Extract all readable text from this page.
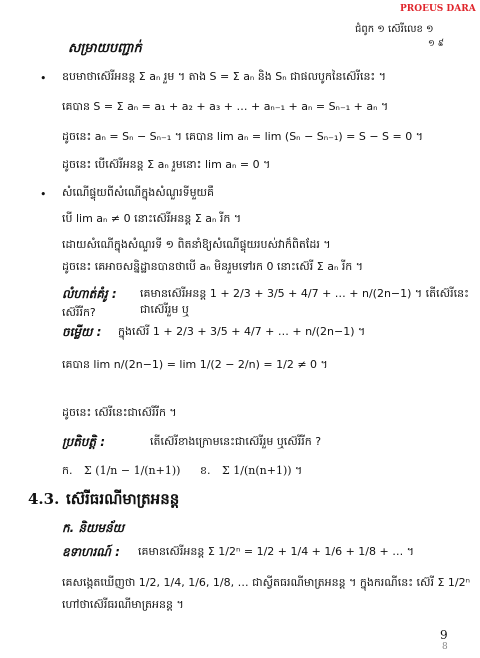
PROEUS DARA
ជំពូក ១ ស៊េរីលេខ ១
១ ៩
សម្រាយបញ្ជាក់
• ឧបមាថាស៊េរីអនន្ត Σ aₙ រួម ។ តាង S = Σ aₙ និង Sₙ ជាផលបូកនៃស៊េរីនេះ ។
គេបាន S = Σ aₙ = a₁ + a₂ + a₃ + … + aₙ₋₁ + aₙ = Sₙ₋₁ + aₙ ។
ដូចនេះ aₙ = Sₙ − Sₙ₋₁ ។ គេបាន lim aₙ = lim (Sₙ − Sₙ₋₁) = S − S = 0 ។
ដូចនេះ បើស៊េរីអនន្ត Σ aₙ រួមនោះ lim aₙ = 0 ។
• សំណើផ្ទុយពីសំណើក្នុងសំណួរទីមួយគឺ
បើ lim aₙ ≠ 0 នោះស៊េរីអនន្ត Σ aₙ រីក ។
ដោយសំណើក្នុងសំណួរទី ១ ពិតនាំឱ្យសំណើផ្ទុយរបស់វាក៏ពិតដែរ ។
ដូចនេះ គេអាចសន្និដ្ឋានបានថាបើ aₙ មិនរួមទៅរក 0 នោះស៊េរី Σ aₙ រីក ។
លំហាត់គំរូ : គេមានស៊េរីអនន្ត 1 + 2/3 + 3/5 + 4/7 + … + n/(2n−1) ។ តើស៊េរីនេះជាស៊េរីរួម ឬ
ស៊េរីរីក?
ចម្លើយ : ក្នុងស៊េរី 1 + 2/3 + 3/5 + 4/7 + … + n/(2n−1) ។
គេបាន lim n/(2n−1) = lim 1/(2 − 2/n) = 1/2 ≠ 0 ។
ដូចនេះ ស៊េរីនេះជាស៊េរីរីក ។
ប្រតិបត្តិ :	តើស៊េរីខាងក្រោមនេះជាស៊េរីរួម ឬស៊េរីរីក ?
ក. Σ (1/n − 1/(n+1)) ខ. Σ 1/(n(n+1)) ។
4.3. ស៊េរីធរណីមាត្រអនន្ត
ក. និយមន័យ
ឧទាហរណ៍ : គេមានស៊េរីអនន្ត Σ 1/2ⁿ = 1/2 + 1/4 + 1/6 + 1/8 + … ។
គេសង្កេតឃើញថា 1/2, 1/4, 1/6, 1/8, … ជាស្វីតធរណីមាត្រអនន្ត ។ ក្នុងករណីនេះ ស៊េរី Σ 1/2ⁿ
ហៅថាស៊េរីធរណីមាត្រអនន្ត ។
9
8
